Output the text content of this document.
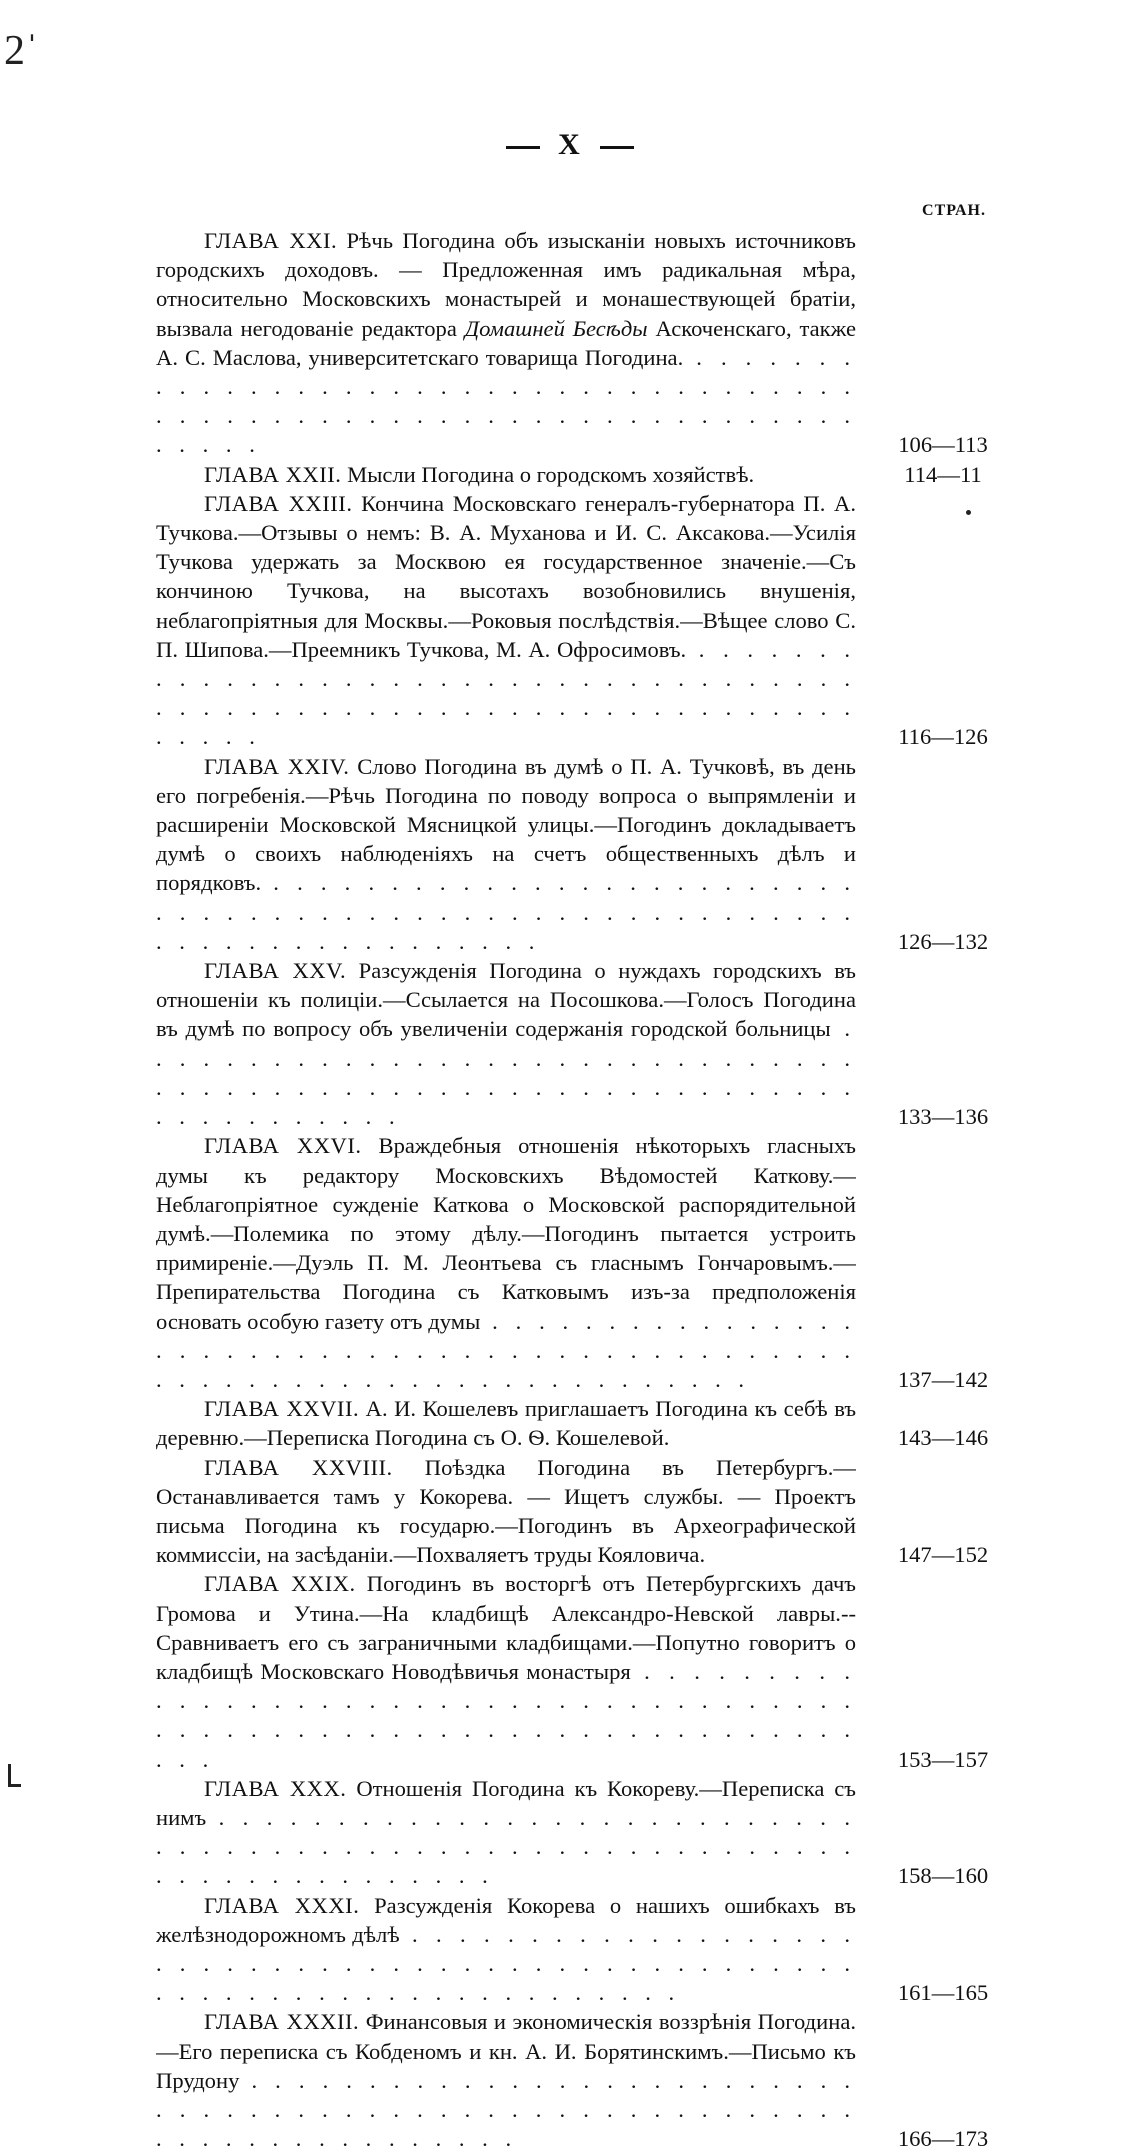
2ˈ
X
СТРАН.
ГЛАВА XXI. Рѣчь Погодина объ изысканіи новыхъ источниковъ городскихъ доходовъ. — Предложенная имъ радикальная мѣра, относительно Московскихъ монастырей и монашествующей братіи, вызвала негодованіе редактора Домашней Бесѣды Аскоченскаго, также А. С. Маслова, университетскаго товарища Погодина. . . .
106—113
ГЛАВА XXII. Мысли Погодина о городскомъ хозяйствѣ.	114—11
ГЛАВА XXIII. Кончина Московскаго генералъ-губернатора П. А. Тучкова.—Отзывы о немъ: В. А. Муханова и И. С. Аксакова.—Усилія Тучкова удержать за Москвою ея государственное значеніе.—Съ кончиною Тучкова, на высотахъ возобновились внушенія, неблагопріятныя для Москвы.—Роковыя послѣдствія.—Вѣщее слово С. П. Шипова.—Преемникъ Тучкова, М. А. Офросимовъ. . . .
116—126
ГЛАВА XXIV. Слово Погодина въ думѣ о П. А. Тучковѣ, въ день его погребенія.—Рѣчь Погодина по поводу вопроса о выпрямленіи и расширеніи Московской Мясницкой улицы.—Погодинъ докладываетъ думѣ о своихъ наблюденіяхъ на счетъ общественныхъ дѣлъ и порядковъ. . . .
126—132
ГЛАВА XXV. Разсужденія Погодина о нуждахъ городскихъ въ отношеніи къ полиціи.—Ссылается на Посошкова.—Голосъ Погодина въ думѣ по вопросу объ увеличеніи содержанія городской больницы . . .
133—136
ГЛАВА XXVI. Враждебныя отношенія нѣкоторыхъ гласныхъ думы къ редактору Московскихъ Вѣдомостей Каткову.—Неблагопріятное сужденіе Каткова о Московской распорядительной думѣ.—Полемика по этому дѣлу.—Погодинъ пытается устроить примиреніе.—Дуэль П. М. Леонтьева съ гласнымъ Гончаровымъ.—Препирательства Погодина съ Катковымъ изъ-за предположенія основать особую газету отъ думы . . .
137—142
ГЛАВА XXVII. А. И. Кошелевъ приглашаетъ Погодина къ себѣ въ деревню.—Переписка Погодина съ О. Ѳ. Кошелевой.	143—146
ГЛАВА XXVIII. Поѣздка Погодина въ Петербургъ.—Останавливается тамъ у Кокорева. — Ищетъ службы. — Проектъ письма Погодина къ государю.—Погодинъ въ Археографической коммиссіи, на засѣданіи.—Похваляетъ труды Кояловича.	147—152
ГЛАВА XXIX. Погодинъ въ восторгѣ отъ Петербургскихъ дачъ Громова и Утина.—На кладбищѣ Александро-Невской лавры.--Сравниваетъ его съ заграничными кладбищами.—Попутно говоритъ о кладбищѣ Московскаго Новодѣвичья монастыря . . .
153—157
ГЛАВА XXX. Отношенія Погодина къ Кокореву.—Переписка съ нимъ . . .
158—160
ГЛАВА XXXI. Разсужденія Кокорева о нашихъ ошибкахъ въ желѣзнодорожномъ дѣлѣ . . .
161—165
ГЛАВА XXXII. Финансовыя и экономическія воззрѣнія Погодина.—Его переписка съ Кобденомъ и кн. А. И. Борятинскимъ.—Письмо къ Прудону . . .
166—173
